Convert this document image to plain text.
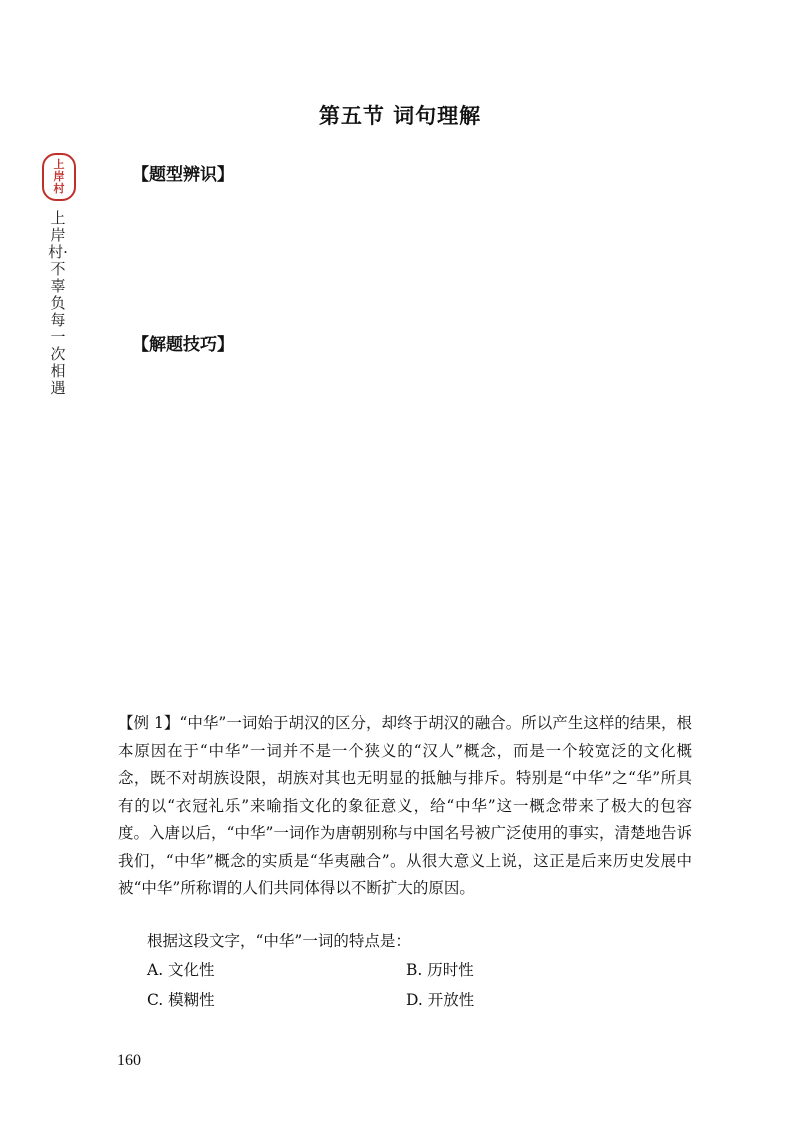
第五节 词句理解
上
岸
村
上岸村·不辜负每一次相遇
【题型辨识】
【解题技巧】

【例 1】“中华”一词始于胡汉的区分，却终于胡汉的融合。所以产生这样的结果，根本原因在于“中华”一词并不是一个狭义的“汉人”概念，而是一个较宽泛的文化概念，既不对胡族设限，胡族对其也无明显的抵触与排斥。特别是“中华”之“华”所具有的以“衣冠礼乐”来喻指文化的象征意义，给“中华”这一概念带来了极大的包容度。入唐以后，“中华”一词作为唐朝别称与中国名号被广泛使用的事实，清楚地告诉我们，“中华”概念的实质是“华夷融合”。从很大意义上说，这正是后来历史发展中被“中华”所称谓的人们共同体得以不断扩大的原因。

根据这段文字，“中华”一词的特点是：

A. 文化性	B. 历时性
C. 模糊性	D. 开放性
160
